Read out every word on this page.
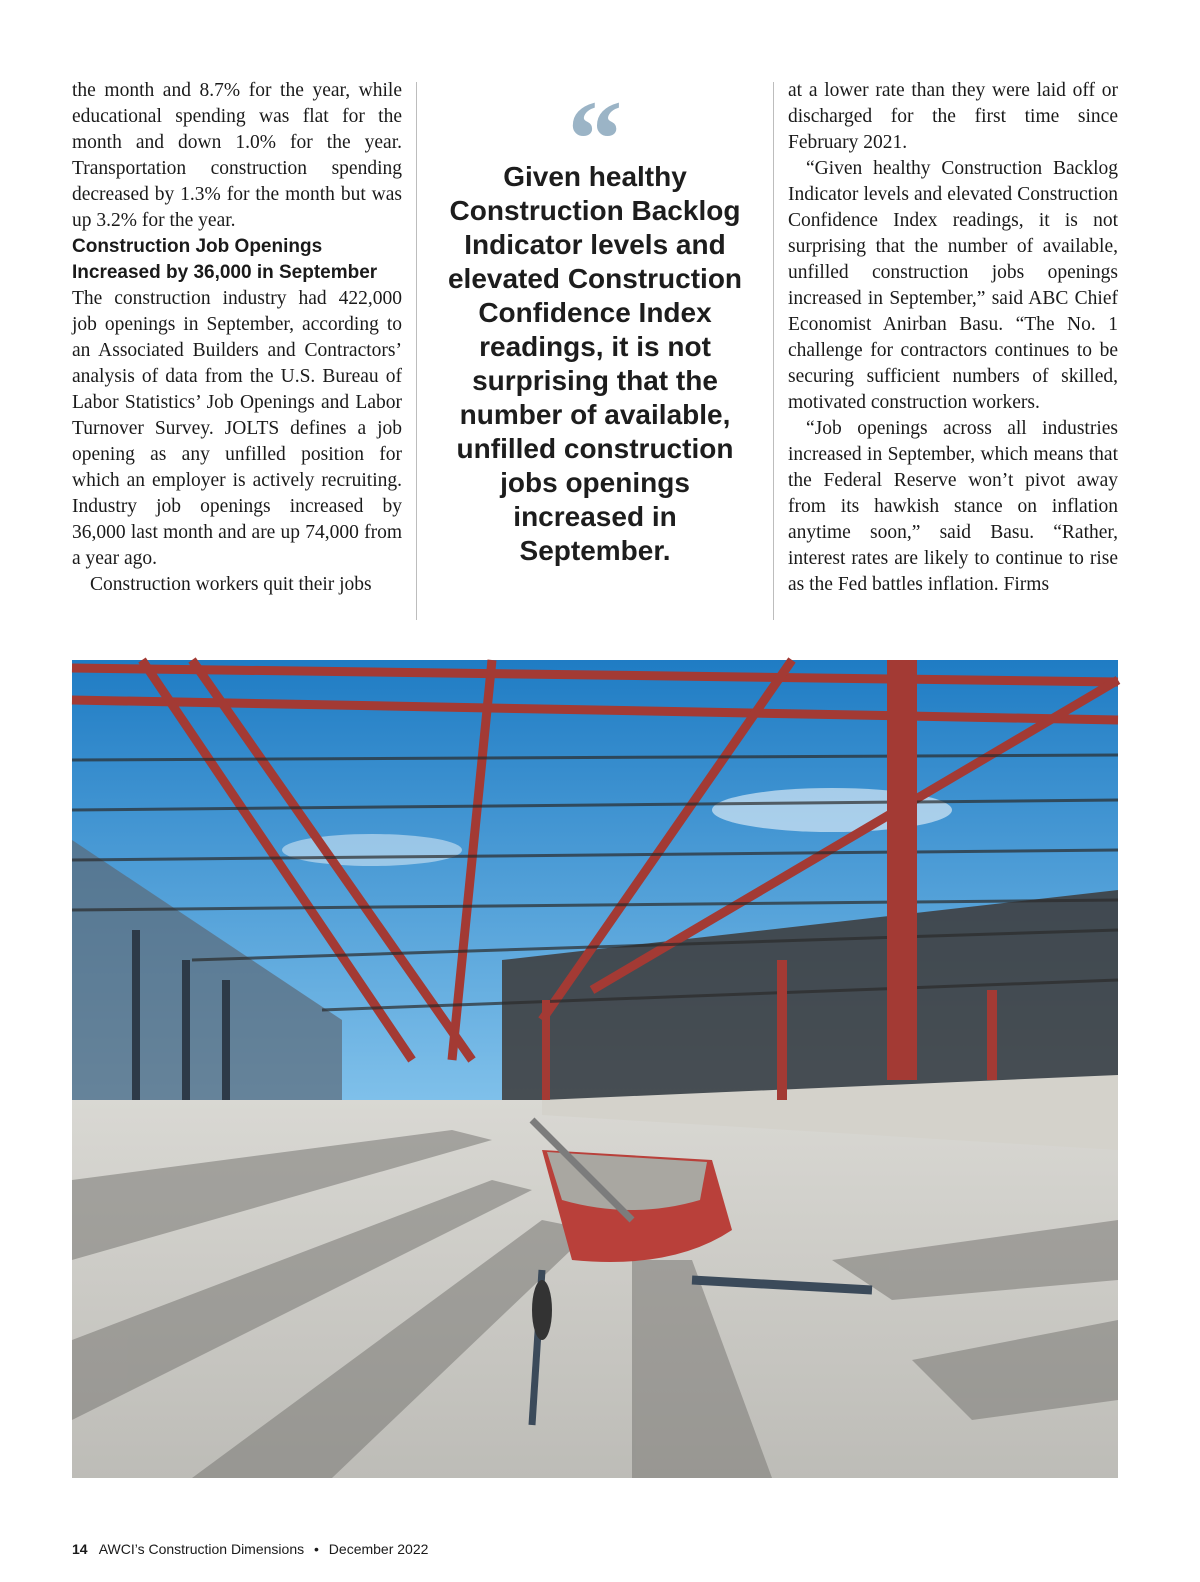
the month and 8.7% for the year, while educational spending was flat for the month and down 1.0% for the year. Transportation construction spending decreased by 1.3% for the month but was up 3.2% for the year.

Construction Job Openings Increased by 36,000 in September

The construction industry had 422,000 job openings in September, according to an Associated Builders and Contractors’ analysis of data from the U.S. Bureau of Labor Statistics’ Job Openings and Labor Turnover Survey. JOLTS defines a job opening as any unfilled position for which an employer is actively recruiting. Industry job openings increased by 36,000 last month and are up 74,000 from a year ago.

Construction workers quit their jobs

“
Given healthy Construction Backlog Indicator levels and elevated Construction Confidence Index readings, it is not surprising that the number of available, unfilled construction jobs openings increased in September.

at a lower rate than they were laid off or discharged for the first time since February 2021.

“Given healthy Construction Backlog Indicator levels and elevated Construction Confidence Index readings, it is not surprising that the number of available, unfilled construction jobs openings increased in September,” said ABC Chief Economist Anirban Basu. “The No. 1 challenge for contractors continues to be securing sufficient numbers of skilled, motivated construction workers.

“Job openings across all industries increased in September, which means that the Federal Reserve won’t pivot away from its hawkish stance on inflation anytime soon,” said Basu. “Rather, interest rates are likely to continue to rise as the Fed battles inflation. Firms

14 AWCI’s Construction Dimensions • December 2022
